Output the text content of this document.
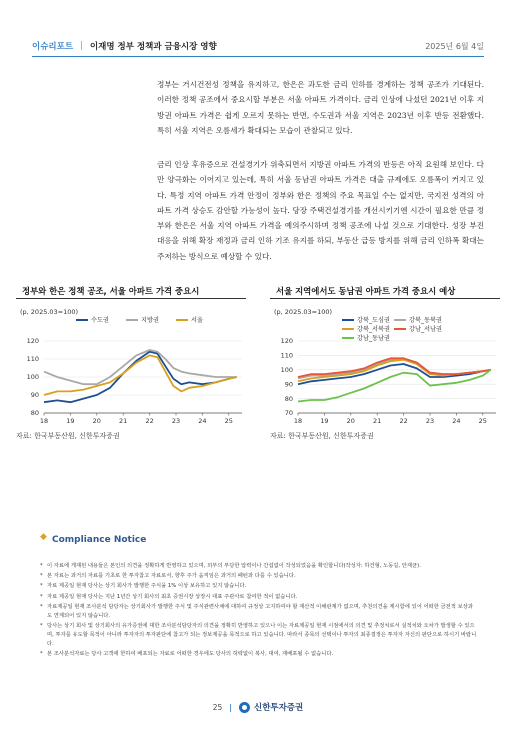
이슈리포트 | 이재명 정부 정책과 금융시장 영향	2025년 6월 4일

정부는 거시건전성 정책을 유지하고, 한은은 과도한 금리 인하를 경계하는 정책 공조가 기대된다. 이러한 정책 공조에서 중요시할 부분은 서울 아파트 가격이다. 금리 인상에 나섰던 2021년 이후 지방권 아파트 가격은 쉽게 오르지 못하는 반면, 수도권과 서울 지역은 2023년 이후 반등 전환했다. 특히 서울 지역은 오름세가 확대되는 모습이 관찰되고 있다.

금리 인상 후유증으로 건설경기가 위축되면서 지방권 아파트 가격의 반등은 아직 요원해 보인다. 다만 양극화는 이어지고 있는데, 특히 서울 동남권 아파트 가격은 대출 규제에도 오름폭이 커지고 있다. 특정 지역 아파트 가격 안정이 정부와 한은 정책의 주요 목표일 수는 없지만, 국지전 성격의 아파트 가격 상승도 감안할 가능성이 높다. 당장 주택건설경기를 개선시키기엔 시간이 필요한 만큼 정부와 한은은 서울 지역 아파트 가격을 예의주시하며 정책 공조에 나설 것으로 기대한다. 성장 부진 대응을 위해 확장 재정과 금리 인하 기조 유지를 하되, 부동산 급등 방지를 위해 금리 인하폭 확대는 주저하는 방식으로 예상할 수 있다.

정부와 한은 정책 공조, 서울 아파트 가격 중요시
(p, 2025.03=100)
80
90
100
110
120
18	19	20	21	22	23	24	25
수도권	지방권	서울
자료: 한국부동산원, 신한투자증권
서울 지역에서도 동남권 아파트 가격 중요시 예상
(p, 2025.03=100)
70
80
90
100
110
120
18	19	20	21	22	23	24	25
강북_도심권	강북_동북권
강북_서북권	강남_서남권
강남_동남권
자료: 한국부동산원, 신한투자증권
◆ Compliance Notice
* 이 자료에 게재된 내용들은 본인의 의견을 정확하게 반영하고 있으며, 외부의 부당한 압력이나 간섭없이 작성되었음을 확인합니다(작성자: 하건형, 노동길, 안재균).
* 본 자료는 과거의 자료를 기초로 한 투자참고 자료로서, 향후 주가 움직임은 과거의 패턴과 다를 수 있습니다.
* 자료 제공일 현재 당사는 상기 회사가 발행한 주식을 1% 이상 보유하고 있지 않습니다.
* 자료 제공일 현재 당사는 지난 1년간 상기 회사의 최초 증권시장 상장시 대표 주관사로 참여한 적이 없습니다.
* 자료제공일 현재 조사분석 담당자는 상기회사가 발행한 주식 및 주식관련사채에 대하여 규정상 고지하여야 할 재산적 이해관계가 없으며, 추천의견을 제시함에 있어 어떠한 금전적 보상과도 연계되어 있지 않습니다.
* 당사는 상기 회사 및 상기회사의 유가증권에 대한 조사분석담당자의 의견을 정확히 반영하고 있으나 이는 자료제공일 현재 시점에서의 의견 및 추정치로서 실적치와 오차가 발생할 수 있으며, 투자를 유도할 목적이 아니라 투자자의 투자판단에 참고가 되는 정보제공을 목적으로 하고 있습니다. 따라서 종목의 선택이나 투자의 최종결정은 투자자 자신의 판단으로 하시기 바랍니다.
* 본 조사분석자료는 당사 고객에 한하여 배포되는 자료로 어떠한 경우에도 당사의 허락없이 복사, 대여, 재배포될 수 없습니다.
25 |	신한투자증권
